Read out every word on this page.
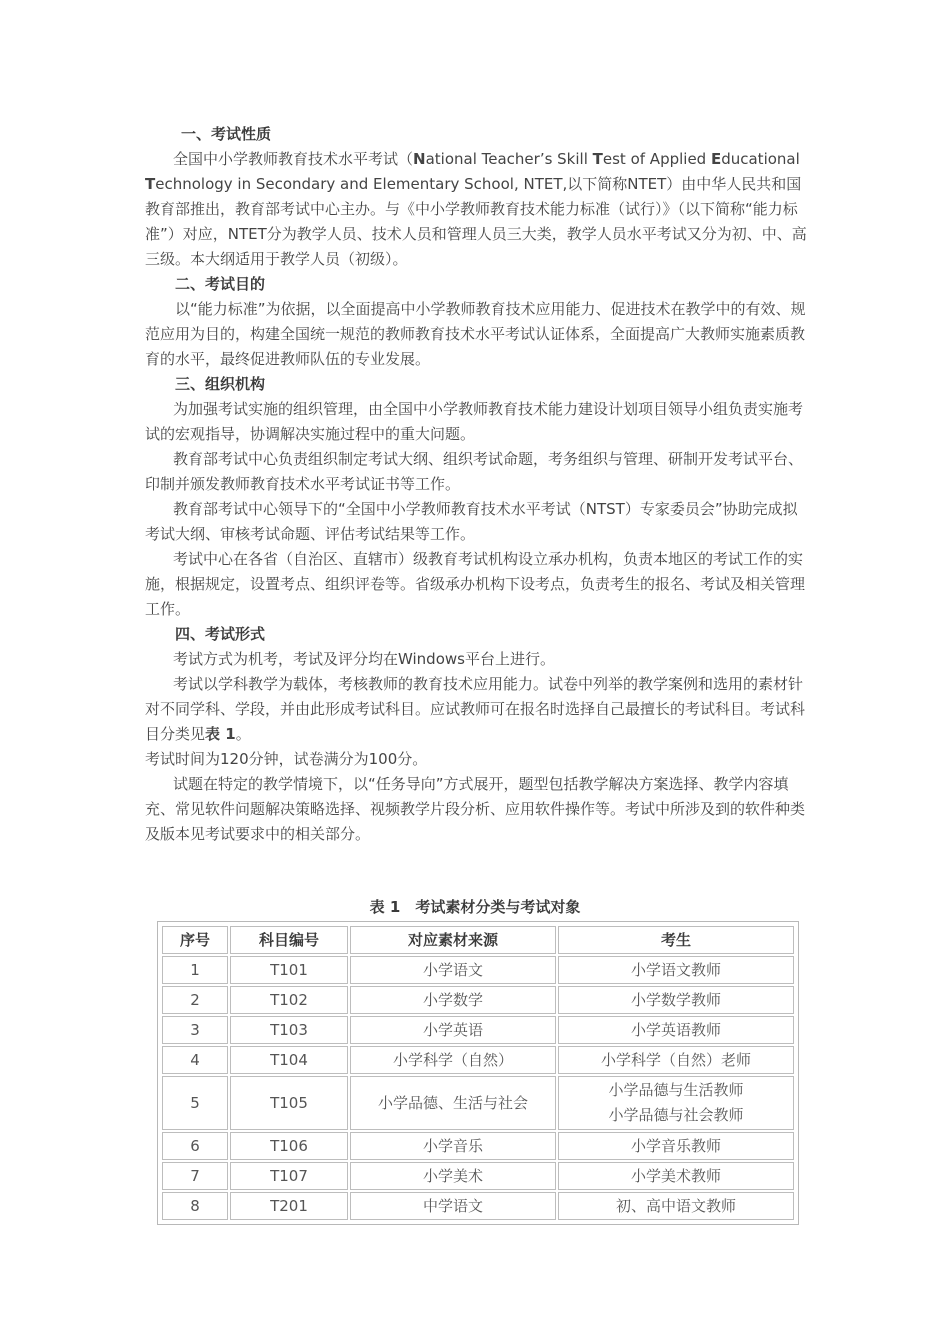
一、考试性质

全国中小学教师教育技术水平考试（National Teacher’s Skill Test of Applied Educational Technology in Secondary and Elementary School, NTET,以下简称NTET）由中华人民共和国教育部推出，教育部考试中心主办。与《中小学教师教育技术能力标准（试行）》（以下简称“能力标准”）对应，NTET分为教学人员、技术人员和管理人员三大类，教学人员水平考试又分为初、中、高三级。本大纲适用于教学人员（初级）。

二、考试目的

以“能力标准”为依据，以全面提高中小学教师教育技术应用能力、促进技术在教学中的有效、规范应用为目的，构建全国统一规范的教师教育技术水平考试认证体系，全面提高广大教师实施素质教育的水平，最终促进教师队伍的专业发展。

三、组织机构

为加强考试实施的组织管理，由全国中小学教师教育技术能力建设计划项目领导小组负责实施考试的宏观指导，协调解决实施过程中的重大问题。

教育部考试中心负责组织制定考试大纲、组织考试命题，考务组织与管理、研制开发考试平台、印制并颁发教师教育技术水平考试证书等工作。

教育部考试中心领导下的“全国中小学教师教育技术水平考试（NTST）专家委员会”协助完成拟考试大纲、审核考试命题、评估考试结果等工作。

考试中心在各省（自治区、直辖市）级教育考试机构设立承办机构，负责本地区的考试工作的实施，根据规定，设置考点、组织评卷等。省级承办机构下设考点，负责考生的报名、考试及相关管理工作。

四、考试形式

考试方式为机考，考试及评分均在Windows平台上进行。

考试以学科教学为载体，考核教师的教育技术应用能力。试卷中列举的教学案例和选用的素材针对不同学科、学段，并由此形成考试科目。应试教师可在报名时选择自己最擅长的考试科目。考试科目分类见表 1。

考试时间为120分钟，试卷满分为100分。

试题在特定的教学情境下，以“任务导向”方式展开，题型包括教学解决方案选择、教学内容填充、常见软件问题解决策略选择、视频教学片段分析、应用软件操作等。考试中所涉及到的软件种类及版本见考试要求中的相关部分。

表 1　考试素材分类与考试对象
序号	科目编号	对应素材来源	考生
1	T101	小学语文	小学语文教师
2	T102	小学数学	小学数学教师
3	T103	小学英语	小学英语教师
4	T104	小学科学（自然）	小学科学（自然）老师
5	T105	小学品德、生活与社会	小学品德与生活教师
小学品德与社会教师

6	T106	小学音乐	小学音乐教师
7	T107	小学美术	小学美术教师
8	T201	中学语文	初、高中语文教师
